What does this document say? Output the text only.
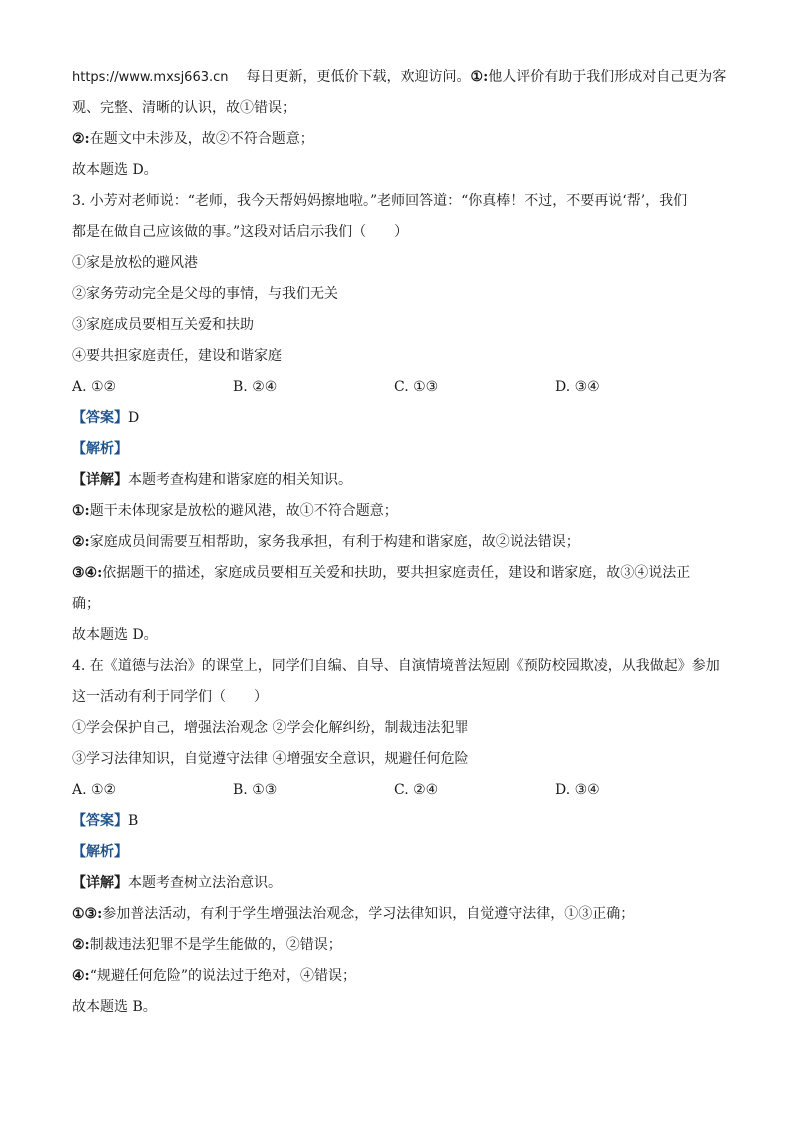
https://www.mxsj663.cn 每日更新，更低价下载，欢迎访问。①:他人评价有助于我们形成对自己更为客
观、完整、清晰的认识，故①错误；
②:在题文中未涉及，故②不符合题意；
故本题选 D。
3. 小芳对老师说：“老师，我今天帮妈妈擦地啦。”老师回答道：“你真棒！不过，不要再说‘帮’，我们
都是在做自己应该做的事。”这段对话启示我们（　　）
①家是放松的避风港
②家务劳动完全是父母的事情，与我们无关
③家庭成员要相互关爱和扶助
④要共担家庭责任，建设和谐家庭
A. ①②	B. ②④	C. ①③	D. ③④
【答案】D
【解析】
【详解】本题考查构建和谐家庭的相关知识。
①:题干未体现家是放松的避风港，故①不符合题意；
②:家庭成员间需要互相帮助，家务我承担，有利于构建和谐家庭，故②说法错误；
③④:依据题干的描述，家庭成员要相互关爱和扶助，要共担家庭责任，建设和谐家庭，故③④说法正
确；
故本题选 D。
4. 在《道德与法治》的课堂上，同学们自编、自导、自演情境普法短剧《预防校园欺凌，从我做起》参加
这一活动有利于同学们（　　）
①学会保护自己，增强法治观念 ②学会化解纠纷，制裁违法犯罪
③学习法律知识，自觉遵守法律 ④增强安全意识，规避任何危险
A. ①②	B. ①③	C. ②④	D. ③④
【答案】B
【解析】
【详解】本题考查树立法治意识。
①③:参加普法活动，有利于学生增强法治观念，学习法律知识，自觉遵守法律，①③正确；
②:制裁违法犯罪不是学生能做的，②错误；
④:“规避任何危险”的说法过于绝对，④错误；
故本题选 B。
